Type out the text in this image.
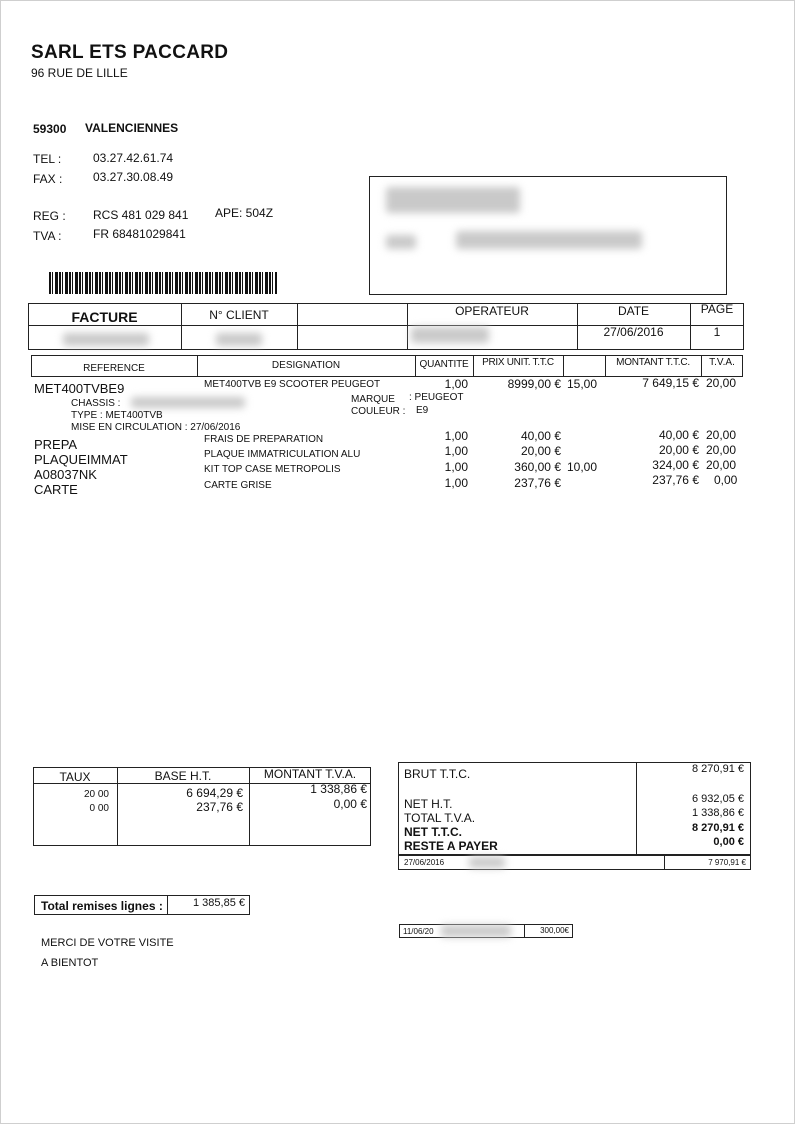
SARL ETS PACCARD
96 RUE DE LILLE
59300 VALENCIENNES
TEL :	03.27.42.61.74
FAX :	03.27.30.08.49
REG : RCS 481 029 841 APE: 504Z
TVA :	FR 68481029841
FACTURE	N° CLIENT	OPERATEUR	DATE	PAGE
27/06/2016	1
REFERENCE	DESIGNATION	QUANTITE	PRIX UNIT. T.T.C	MONTANT T.T.C.	T.V.A.
MET400TVBE9	MET400TVB E9 SCOOTER PEUGEOT	1,00	8999,00 € 15,00	7 649,15 € 20,00
CHASSIS :
TYPE : MET400TVB
MISE EN CIRCULATION : 27/06/2016
MARQUE : PEUGEOT
COULEUR : E9
PREPA	FRAIS DE PREPARATION	1,00	40,00 €	40,00 € 20,00
PLAQUEIMMAT	PLAQUE IMMATRICULATION ALU	1,00	20,00 €	20,00 € 20,00
A08037NK	KIT TOP CASE METROPOLIS	1,00	360,00 € 10,00	324,00 € 20,00
CARTE	CARTE GRISE	1,00	237,76 €	237,76 € 0,00
TAUX	BASE H.T.	MONTANT T.V.A.
20 00	6 694,29 €	1 338,86 €
0 00	237,76 €	0,00 €
BRUT T.T.C.	8 270,91 €
NET H.T.	6 932,05 €
TOTAL T.V.A.	1 338,86 €
NET T.T.C.	8 270,91 €
RESTE A PAYER	0,00 €
27/06/2016	7 970,91 €
11/06/20	300,00€
Total remises lignes :	1 385,85 €
MERCI DE VOTRE VISITE
A BIENTOT
